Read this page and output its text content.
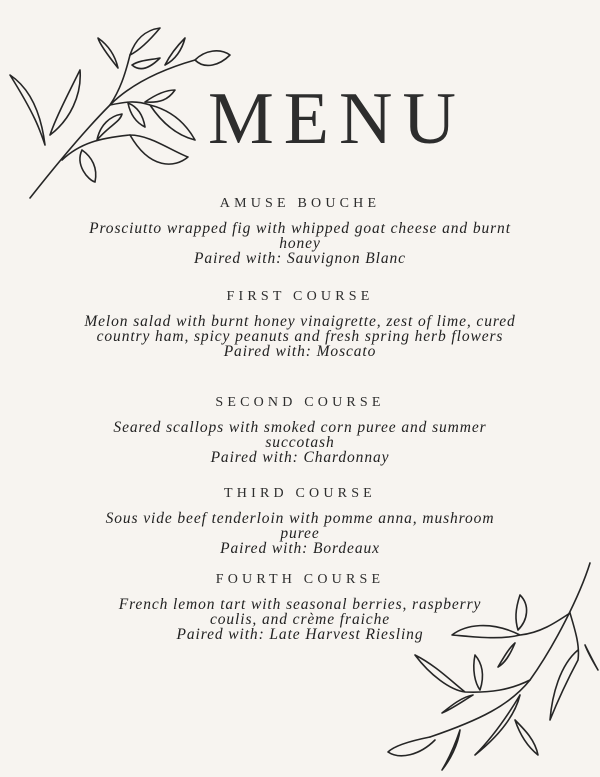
MENU
AMUSE BOUCHE

Prosciutto wrapped fig with whipped goat cheese and burnt honey

Paired with: Sauvignon Blanc

FIRST COURSE

Melon salad with burnt honey vinaigrette, zest of lime, cured country ham, spicy peanuts and fresh spring herb flowers

Paired with: Moscato

SECOND COURSE

Seared scallops with smoked corn puree and summer succotash

Paired with: Chardonnay

THIRD COURSE

Sous vide beef tenderloin with pomme anna, mushroom puree

Paired with: Bordeaux

FOURTH COURSE

French lemon tart with seasonal berries, raspberry coulis, and crème fraiche

Paired with: Late Harvest Riesling
